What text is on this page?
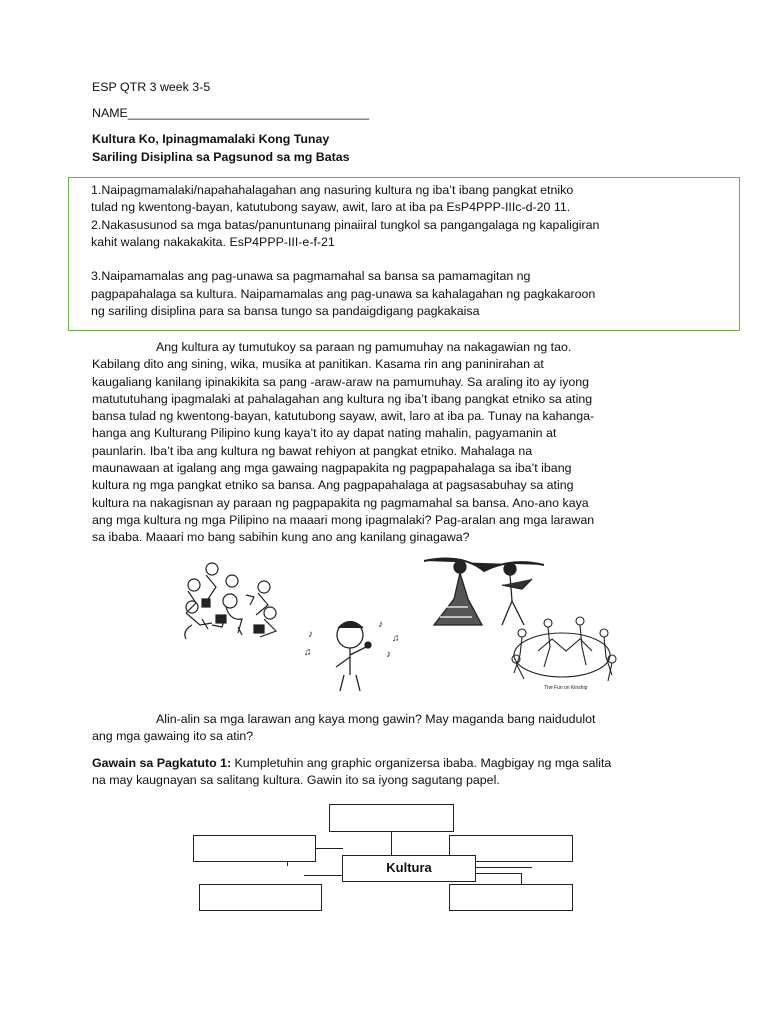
ESP QTR 3 week 3-5
NAME___________________________________
Kultura Ko, Ipinagmamalaki Kong Tunay
Sariling Disiplina sa Pagsunod sa mg Batas
1.Naipagmamalaki/napahahalagahan ang nasuring kultura ng iba’t ibang pangkat etniko
tulad ng kwentong-bayan, katutubong sayaw, awit, laro at iba pa EsP4PPP-IIIc-d-20 11.
2.Nakasusunod sa mga batas/panuntunang pinaiiral tungkol sa pangangalaga ng kapaligiran
kahit walang nakakakita. EsP4PPP-III-e-f-21
3.Naipamamalas ang pag-unawa sa pagmamahal sa bansa sa pamamagitan ng
pagpapahalaga sa kultura. Naipamamalas ang pag-unawa sa kahalagahan ng pagkakaroon
ng sariling disiplina para sa bansa tungo sa pandaigdigang pagkakaisa
Ang kultura ay tumutukoy sa paraan ng pamumuhay na nakagawian ng tao.
Kabilang dito ang sining, wika, musika at panitikan. Kasama rin ang paninirahan at
kaugaliang kanilang ipinakikita sa pang -araw-araw na pamumuhay. Sa araling ito ay iyong
matututuhang ipagmalaki at pahalagahan ang kultura ng iba’t ibang pangkat etniko sa ating
bansa tulad ng kwentong-bayan, katutubong sayaw, awit, laro at iba pa. Tunay na kahanga-
hanga ang Kulturang Pilipino kung kaya’t ito ay dapat nating mahalin, pagyamanin at
paunlarin. Iba’t iba ang kultura ng bawat rehiyon at pangkat etniko. Mahalaga na
maunawaan at igalang ang mga gawaing nagpapakita ng pagpapahalaga sa iba’t ibang
kultura ng mga pangkat etniko sa bansa. Ang pagpapahalaga at pagsasabuhay sa ating
kultura na nakagisnan ay paraan ng pagpapakita ng pagmamahal sa bansa. Ano-ano kaya
ang mga kultura ng mga Pilipino na maaari mong ipagmalaki? Pag-aralan ang mga larawan
sa ibaba. Maaari mo bang sabihin kung ano ang kanilang ginagawa?
♪
♫
♪
♫
♪
The Fun on Kinship
Alin-alin sa mga larawan ang kaya mong gawin? May maganda bang naidudulot
ang mga gawaing ito sa atin?
Gawain sa Pagkatuto 1: Kumpletuhin ang graphic organizersa ibaba. Magbigay ng mga salita
na may kaugnayan sa salitang kultura. Gawin ito sa iyong sagutang papel.
Kultura
